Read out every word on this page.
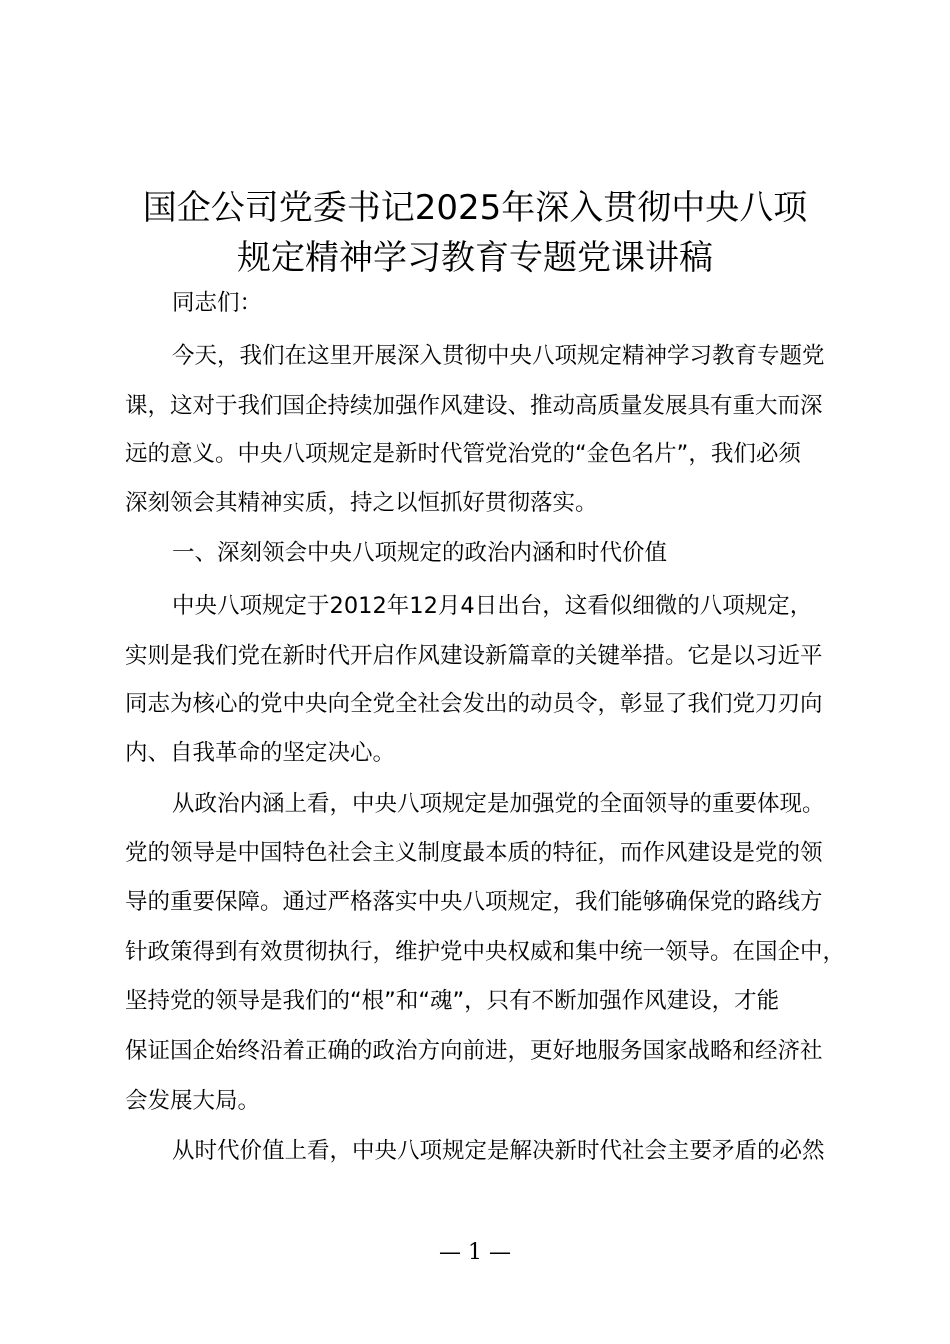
国企公司党委书记2025年深入贯彻中央八项
规定精神学习教育专题党课讲稿
同志们：
今天，我们在这里开展深入贯彻中央八项规定精神学习教育专题党
课，这对于我们国企持续加强作风建设、推动高质量发展具有重大而深
远的意义。中央八项规定是新时代管党治党的“金色名片”，我们必须
深刻领会其精神实质，持之以恒抓好贯彻落实。
一、深刻领会中央八项规定的政治内涵和时代价值
中央八项规定于2012年12月4日出台，这看似细微的八项规定，
实则是我们党在新时代开启作风建设新篇章的关键举措。它是以习近平
同志为核心的党中央向全党全社会发出的动员令，彰显了我们党刀刃向
内、自我革命的坚定决心。
从政治内涵上看，中央八项规定是加强党的全面领导的重要体现。
党的领导是中国特色社会主义制度最本质的特征，而作风建设是党的领
导的重要保障。通过严格落实中央八项规定，我们能够确保党的路线方
针政策得到有效贯彻执行，维护党中央权威和集中统一领导。在国企中，
坚持党的领导是我们的“根”和“魂”，只有不断加强作风建设，才能
保证国企始终沿着正确的政治方向前进，更好地服务国家战略和经济社
会发展大局。
从时代价值上看，中央八项规定是解决新时代社会主要矛盾的必然
— 1 —
